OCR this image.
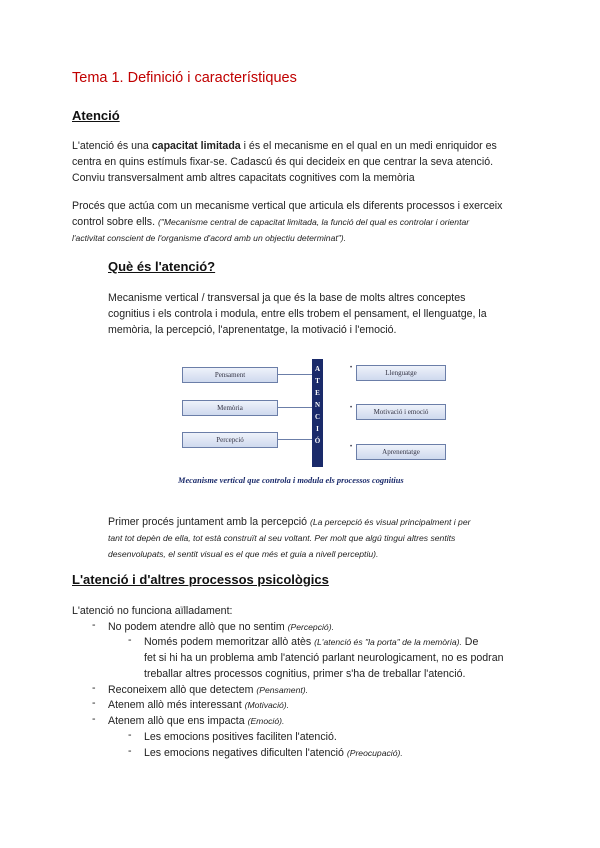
Tema 1. Definició i característiques
Atenció
L'atenció és una capacitat limitada i és el mecanisme en el qual en un medi enriquidor es
centra en quins estímuls fixar-se. Cadascú és qui decideix en que centrar la seva atenció.
Conviu transversalment amb altres capacitats cognitives com la memòria
Procés que actúa com un mecanisme vertical que articula els diferents processos i exerceix
control sobre ells. ("Mecanisme central de capacitat limitada, la funció del qual es controlar i orientar
l'activitat conscient de l'organisme d'acord amb un objectiu determinat").
Què és l'atenció?
Mecanisme vertical / transversal ja que és la base de molts altres conceptes
cognitius i els controla i modula, entre ells trobem el pensament, el llenguatge, la
memòria, la percepció, l'aprenentatge, la motivació i l'emoció.
Pensament
Memòria
Percepció
A
T
E
N
C
I
Ó
•
•
•
Llenguatge
Motivació i emoció
Aprenentatge
Mecanisme vertical que controla i modula els processos cognitius
Primer procés juntament amb la percepció (La percepció és visual principalment i per
tant tot depèn de ella, tot està construït al seu voltant. Per molt que algú tingui altres sentits
desenvolupats, el sentit visual es el que més et guia a nivell perceptiu).
L'atenció i d'altres processos psicològics
L'atenció no funciona aïlladament:
- No podem atendre allò que no sentim (Percepció).
- Només podem memoritzar allò atès (L'atenció és "la porta" de la memòria). De
fet si hi ha un problema amb l'atenció parlant neurologicament, no es podran
treballar altres processos cognitius, primer s'ha de treballar l'atenció.
- Reconeixem allò que detectem (Pensament).
- Atenem allò més interessant (Motivació).
- Atenem allò que ens impacta (Emoció).
- Les emocions positives faciliten l'atenció.
- Les emocions negatives dificulten l'atenció (Preocupació).
